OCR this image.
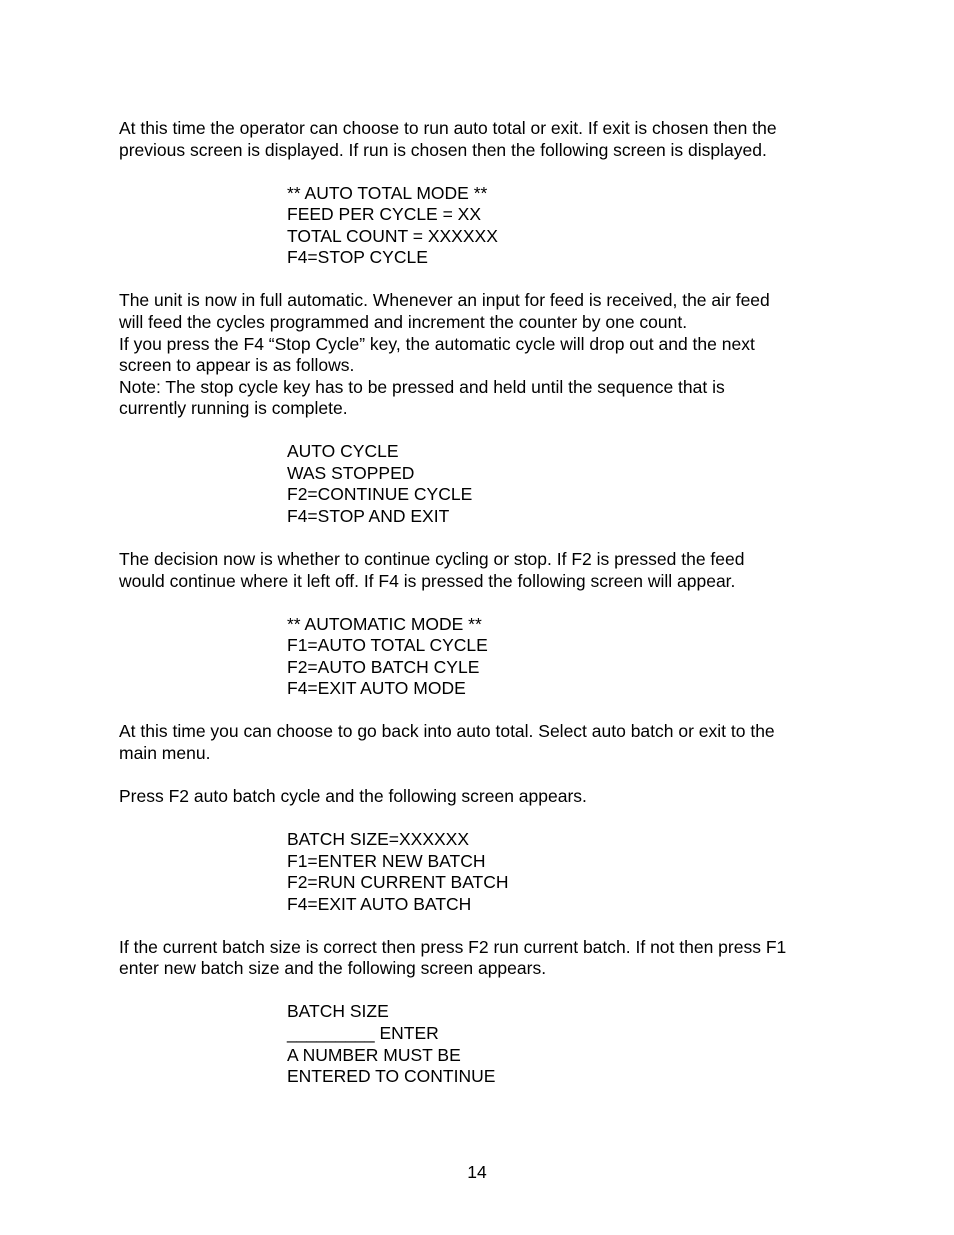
At this time the operator can choose to run auto total or exit. If exit is chosen then the
previous screen is displayed. If run is chosen then the following screen is displayed.
** AUTO TOTAL MODE **
FEED PER CYCLE = XX
TOTAL COUNT = XXXXXX
F4=STOP CYCLE
The unit is now in full automatic. Whenever an input for feed is received, the air feed
will feed the cycles programmed and increment the counter by one count.
If you press the F4 “Stop Cycle” key, the automatic cycle will drop out and the next
screen to appear is as follows.
Note: The stop cycle key has to be pressed and held until the sequence that is
currently running is complete.
AUTO CYCLE
WAS STOPPED
F2=CONTINUE CYCLE
F4=STOP AND EXIT
The decision now is whether to continue cycling or stop. If F2 is pressed the feed
would continue where it left off. If F4 is pressed the following screen will appear.
** AUTOMATIC MODE **
F1=AUTO TOTAL CYCLE
F2=AUTO BATCH CYLE
F4=EXIT AUTO MODE
At this time you can choose to go back into auto total. Select auto batch or exit to the
main menu.
Press F2 auto batch cycle and the following screen appears.
BATCH SIZE=XXXXXX
F1=ENTER NEW BATCH
F2=RUN CURRENT BATCH
F4=EXIT AUTO BATCH
If the current batch size is correct then press F2 run current batch. If not then press F1
enter new batch size and the following screen appears.
BATCH SIZE
_________ ENTER
A NUMBER MUST BE
ENTERED TO CONTINUE
14
